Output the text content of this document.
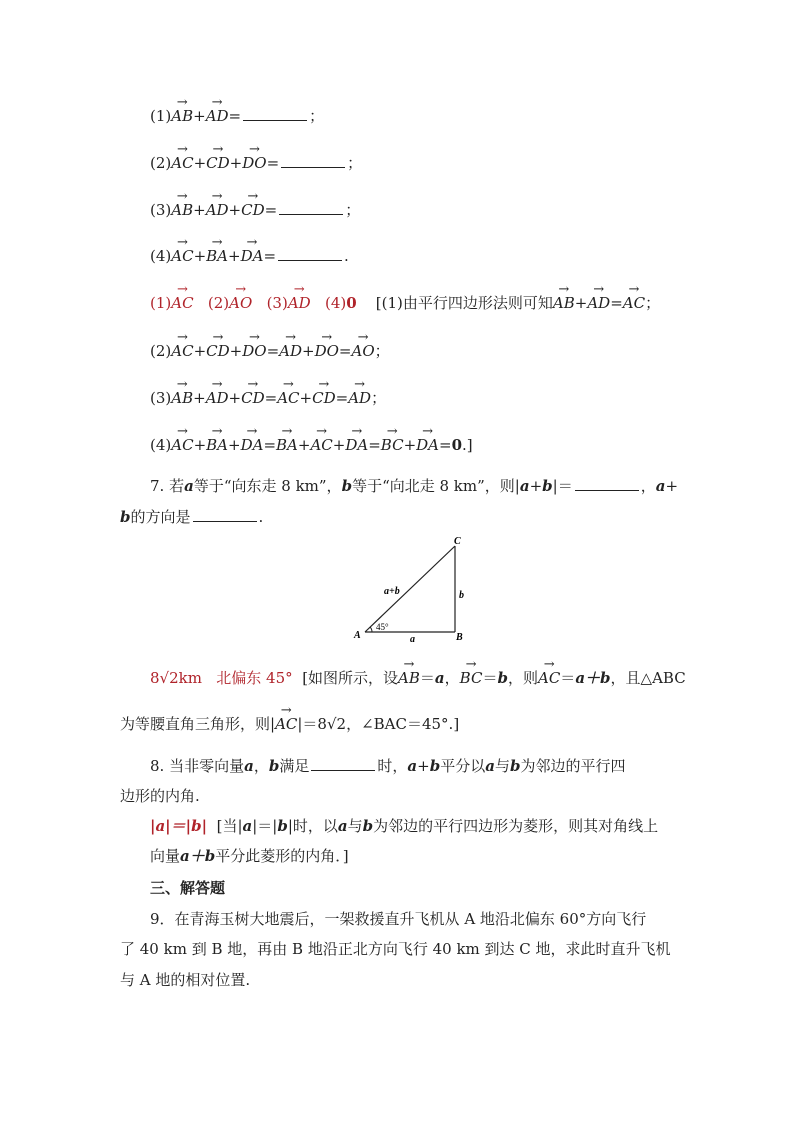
(1)→ AB+→ AD=	；
(2)→ AC+→ CD+→ DO=	；
(3)→ AB+→ AD+→ CD=	；
(4)→ AC+→ BA+→ DA=	.
(1)→ AC (2)→ AO (3)→ AD (4)0 [(1)由平行四边形法则可知→ AB+→ AD=→ AC；
(2)→ AC+→ CD+→ DO=→ AD+→ DO=→ AO；
(3)→ AB+→ AD+→ CD=→ AC+→ CD=→ AD；
(4)→ AC+→ BA+→ DA=→ BA+→ AC+→ DA=→ BC+→ DA=0.]
7. 若a等于“向东走 8 km”，b等于“向北走 8 km”，则|a+b|＝	，a+
b的方向是	.
C
A	B
a+b	b
a
45°
8√2km 北偏东 45° [如图所示，设→ AB＝a，→ BC＝b，则→ AC＝a＋b，且△ABC
为等腰直角三角形，则|→ AC|＝8√2，∠BAC＝45°.]
8. 当非零向量a，b满足	时，a+b平分以a与b为邻边的平行四
边形的内角.
|a|＝|b| [当|a|＝|b|时，以a与b为邻边的平行四边形为菱形，则其对角线上
向量a＋b平分此菱形的内角．]
三、解答题
9．在青海玉树大地震后，一架救援直升飞机从 A 地沿北偏东 60°方向飞行
了 40 km 到 B 地，再由 B 地沿正北方向飞行 40 km 到达 C 地，求此时直升飞机
与 A 地的相对位置.
